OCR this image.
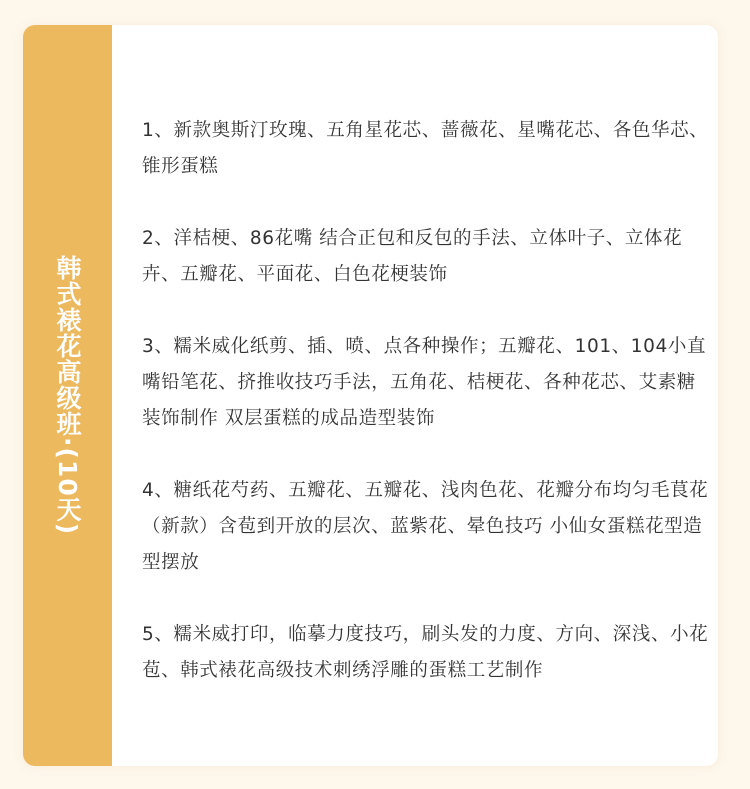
韩式裱花高级班·(10天)
1、新款奥斯汀玫瑰、五角星花芯、蔷薇花、星嘴花芯、各色华芯、锥形蛋糕
2、洋桔梗、86花嘴 结合正包和反包的手法、立体叶子、立体花卉、五瓣花、平面花、白色花梗装饰
3、糯米威化纸剪、插、喷、点各种操作；五瓣花、101、104小直嘴铅笔花、挤推收技巧手法，五角花、桔梗花、各种花芯、艾素糖装饰制作 双层蛋糕的成品造型装饰
4、糖纸花芍药、五瓣花、五瓣花、浅肉色花、花瓣分布均匀毛茛花（新款）含苞到开放的层次、蓝紫花、晕色技巧 小仙女蛋糕花型造型摆放
5、糯米威打印，临摹力度技巧，刷头发的力度、方向、深浅、小花苞、韩式裱花高级技术刺绣浮雕的蛋糕工艺制作
